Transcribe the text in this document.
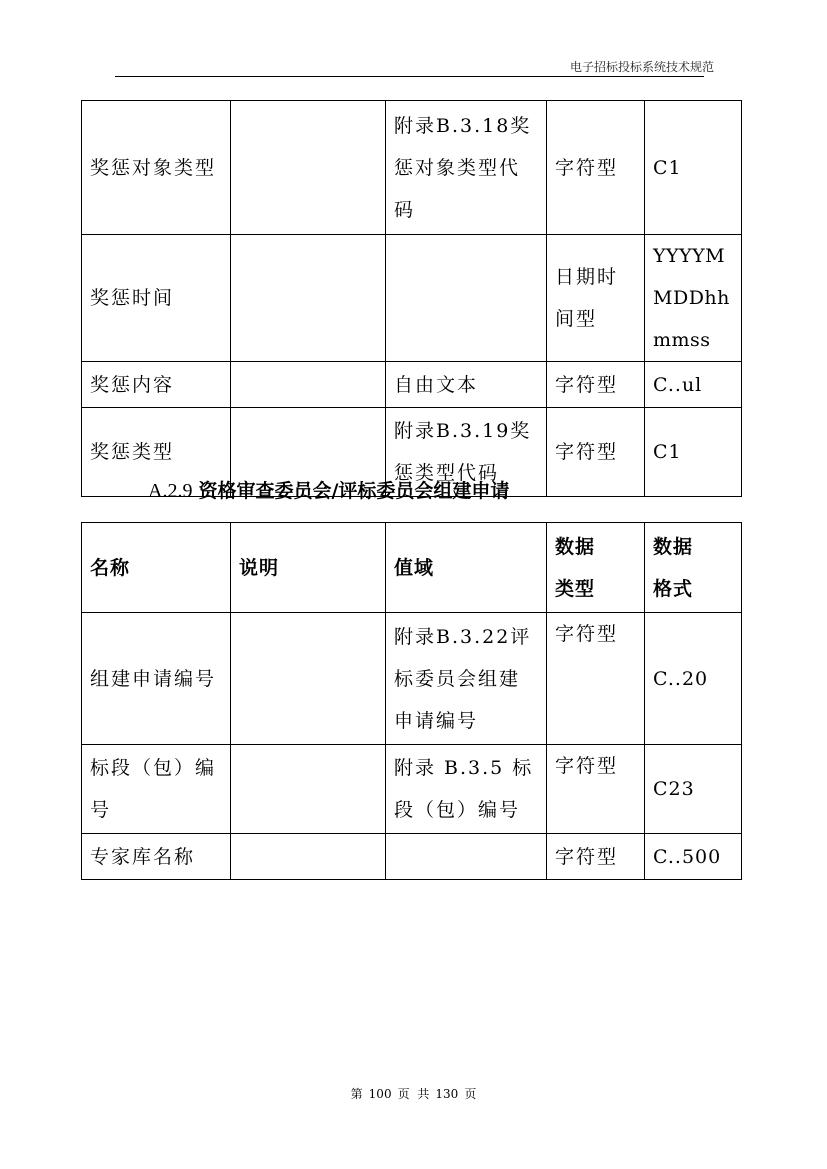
电子招标投标系统技术规范
奖惩对象类型		附录B.3.18奖惩对象类型代码	字符型	C1
奖惩时间			日期时间型	YYYYMMDDhhmmss
奖惩内容		自由文本	字符型	C..ul
奖惩类型		附录B.3.19奖惩类型代码	字符型	C1
A.2.9 资格审查委员会/评标委员会组建申请
名称	说明	值域	数据类型	数据格式
组建申请编号		附录B.3.22评标委员会组建申请编号	字符型	C..20
标段（包）编号		附录 B.3.5 标段（包）编号	字符型	C23
专家库名称			字符型	C..500
第 100 页 共 130 页
